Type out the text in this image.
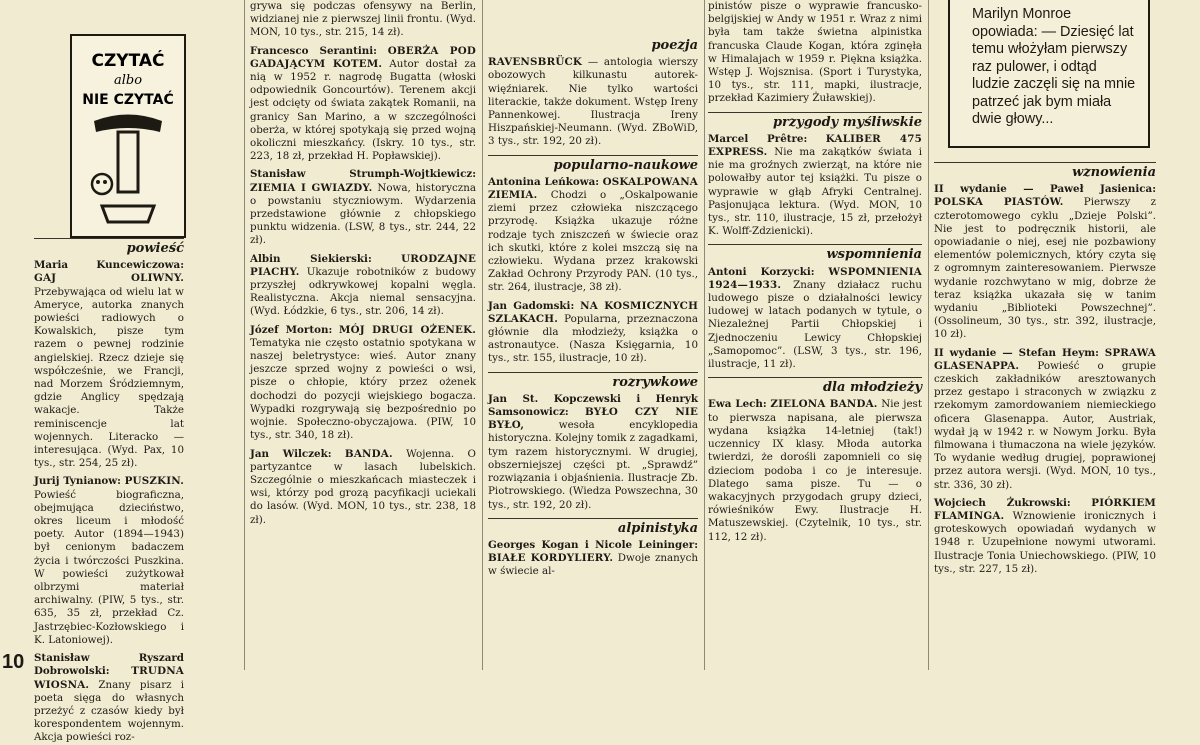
CZYTAĆ
albo
NIE CZYTAĆ
Marilyn Monroe opowiada: — Dziesięć lat temu włożyłam pierwszy raz pulower, i odtąd ludzie zaczęli się na mnie patrzeć jak bym miała dwie głowy...
powieść

Maria Kuncewiczowa: GAJ OLIWNY. Przebywająca od wielu lat w Ameryce, autorka znanych powieści radiowych o Kowalskich, pisze tym razem o pewnej rodzinie angielskiej. Rzecz dzieje się współcześnie, we Francji, nad Morzem Śródziemnym, gdzie Anglicy spędzają wakacje. Także reminiscencje lat wojennych. Literacko — interesująca. (Wyd. Pax, 10 tys., str. 254, 25 zł).

Jurij Tynianow: PUSZKIN. Powieść biograficzna, obejmująca dzieciństwo, okres liceum i młodość poety. Autor (1894—1943) był cenionym badaczem życia i twórczości Puszkina. W powieści zużytkował olbrzymi materiał archiwalny. (PIW, 5 tys., str. 635, 35 zł, przekład Cz. Jastrzębiec-Kozłowskiego i K. Latoniowej).

Stanisław Ryszard Dobrowolski: TRUDNA WIOSNA. Znany pisarz i poeta sięga do własnych przeżyć z czasów kiedy był korespondentem wojennym. Akcja powieści roz-

10

grywa się podczas ofensywy na Berlin, widzianej nie z pierwszej linii frontu. (Wyd. MON, 10 tys., str. 215, 14 zł).

Francesco Serantini: OBERŻA POD GADAJĄCYM KOTEM. Autor dostał za nią w 1952 r. nagrodę Bugatta (włoski odpowiednik Goncourtów). Terenem akcji jest odcięty od świata zakątek Romanii, na granicy San Marino, a w szczególności oberża, w której spotykają się przed wojną okoliczni mieszkańcy. (Iskry. 10 tys., str. 223, 18 zł, przekład H. Popławskiej).

Stanisław Strumph-Wojtkiewicz: ZIEMIA I GWIAZDY. Nowa, historyczna o powstaniu styczniowym. Wydarzenia przedstawione głównie z chłopskiego punktu widzenia. (LSW, 8 tys., str. 244, 22 zł).

Albin Siekierski:	URODZAJNE PIACHY. Ukazuje robotników z budowy przyszłej odkrywkowej kopalni węgla. Realistyczna. Akcja niemal sensacyjna. (Wyd. Łódzkie, 6 tys., str. 206, 14 zł).

Józef Morton: MÓJ DRUGI OŻENEK. Tematyka nie często ostatnio spotykana w naszej beletrystyce: wieś. Autor znany jeszcze sprzed wojny z powieści o wsi, pisze o chłopie, który przez ożenek dochodzi do pozycji wiejskiego bogacza. Wypadki rozgrywają się bezpośrednio po wojnie. Społeczno-obyczajowa. (PIW, 10 tys., str. 340, 18 zł).

Jan Wilczek: BANDA. Wojenna. O partyzantce w lasach lubelskich. Szczególnie o mieszkańcach miasteczek i wsi, którzy pod grozą pacyfikacji uciekali do lasów. (Wyd. MON, 10 tys., str. 238, 18 zł).

poezja

RAVENSBRÜCK — antologia wierszy obozowych kilkunastu autorek-więźniarek. Nie tylko wartości literackie, także dokument. Wstęp Ireny Pannenkowej. Ilustracja Ireny Hiszpańskiej-Neumann. (Wyd. ZBoWiD, 3 tys., str. 192, 20 zł).

popularno-naukowe

Antonina Leńkowa: OSKALPOWANA ZIEMIA. Chodzi o „Oskalpowanie ziemi przez człowieka niszczącego przyrodę. Książka ukazuje różne rodzaje tych zniszczeń w świecie oraz ich skutki, które z kolei mszczą się na człowieku. Wydana przez krakowski Zakład Ochrony Przyrody PAN. (10 tys., str. 264, ilustracje, 38 zł).

Jan Gadomski: NA KOSMICZNYCH SZLAKACH. Popularna, przeznaczona głównie dla młodzieży, książka o astronautyce. (Nasza Księgarnia, 10 tys., str. 155, ilustracje, 10 zł).

rozrywkowe

Jan St. Kopczewski i Henryk Samsonowicz: BYŁO CZY NIE BYŁO,	wesoła encyklopedia historyczna. Kolejny tomik z zagadkami, tym razem historycznymi. W drugiej, obszerniejszej części pt. „Sprawdź” rozwiązania i objaśnienia. Ilustracje Zb. Piotrowskiego. (Wiedza Powszechna, 30 tys., str. 192, 20 zł).

alpinistyka

Georges Kogan i Nicole Leininger: BIAŁE KORDYLIERY. Dwoje znanych w świecie al-

pinistów pisze o wyprawie francusko-belgijskiej w Andy w 1951 r. Wraz z nimi była tam także świetna alpinistka francuska Claude Kogan, która zginęła w Himalajach w 1959 r. Piękna książka. Wstęp J. Wojsznisa. (Sport i Turystyka, 10 tys., str. 111, mapki, ilustracje, przekład Kazimiery Żuławskiej).

przygody myśliwskie

Marcel Prêtre: KALIBER 475 EXPRESS. Nie ma zakątków świata i nie ma groźnych zwierząt, na które nie polowałby autor tej książki. Tu pisze o wyprawie w głąb Afryki Centralnej. Pasjonująca lektura. (Wyd. MON, 10 tys., str. 110, ilustracje, 15 zł, przełożył K. Wolff-Zdzienicki).

wspomnienia

Antoni Korzycki: WSPOMNIENIA 1924—1933. Znany działacz ruchu ludowego pisze o działalności lewicy ludowej w latach podanych w tytule, o Niezależnej Partii Chłopskiej i Zjednoczeniu Lewicy Chłopskiej „Samopomoc”. (LSW, 3 tys., str. 196, ilustracje, 11 zł).

dla młodzieży

Ewa Lech: ZIELONA BANDA. Nie jest to pierwsza napisana, ale pierwsza wydana książka 14-letniej (tak!) uczennicy IX klasy. Młoda autorka twierdzi, że dorośli zapomnieli co się dzieciom podoba i co je interesuje. Dlatego sama pisze. Tu — o wakacyjnych przygodach grupy dzieci, rówieśników Ewy. Ilustracje H. Matuszewskiej. (Czytelnik, 10 tys., str. 112, 12 zł).

wznowienia

II wydanie — Paweł Jasienica: POLSKA PIASTÓW. Pierwszy z czterotomowego cyklu „Dzieje Polski”. Nie jest to podręcznik historii, ale opowiadanie o niej, esej nie pozbawiony elementów polemicznych, który czyta się z ogromnym zainteresowaniem. Pierwsze wydanie rozchwytano w mig, dobrze że teraz książka ukazała się w tanim wydaniu „Biblioteki Powszechnej”. (Ossolineum, 30 tys., str. 392, ilustracje, 10 zł).

II wydanie — Stefan Heym: SPRAWA GLASENAPPA. Powieść o grupie czeskich zakładników aresztowanych przez gestapo i straconych w związku z rzekomym zamordowaniem niemieckiego oficera Glasenappa. Autor, Austriak, wydał ją w 1942 r. w Nowym Jorku. Była filmowana i tłumaczona na wiele języków. To wydanie według drugiej, poprawionej przez autora wersji. (Wyd. MON, 10 tys., str. 336, 30 zł).

Wojciech Żukrowski: PIÓRKIEM FLAMINGA. Wznowienie ironicznych i groteskowych opowiadań wydanych w 1948 r. Uzupełnione nowymi utworami. Ilustracje Tonia Uniechowskiego. (PIW, 10 tys., str. 227, 15 zł).
